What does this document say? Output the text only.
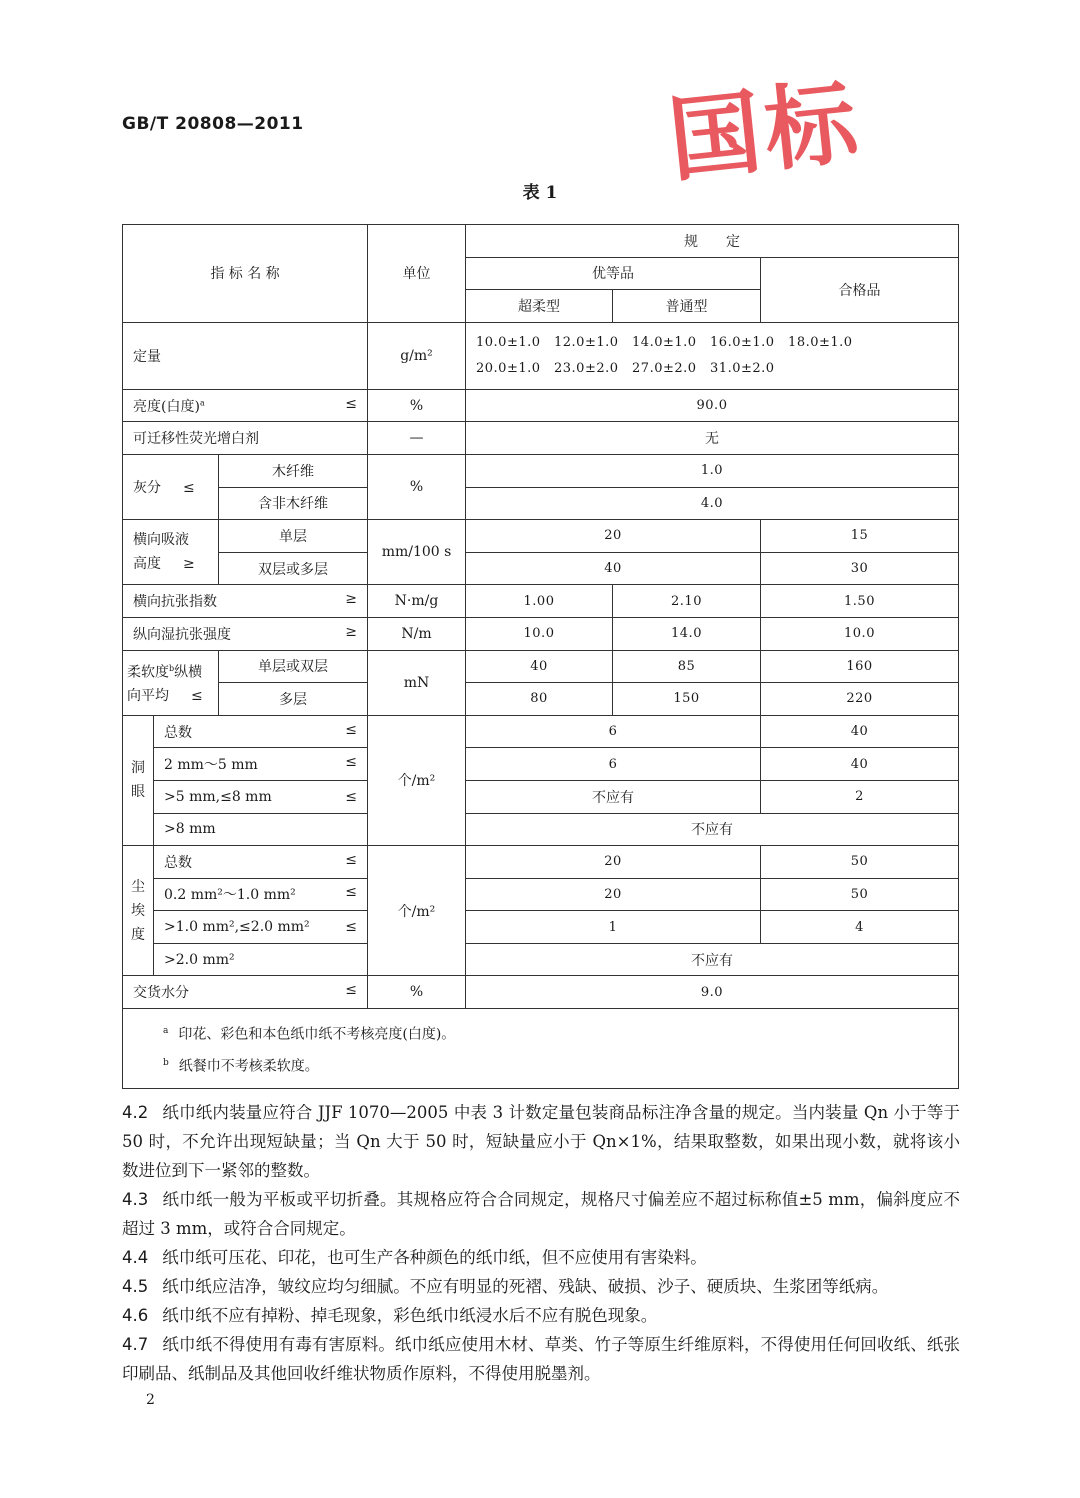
GB/T 20808—2011	国标
表 1
指 标 名 称			单位	规　　定		
				优等品		合格品
				超柔型	普通型	
定量			g/m²	10.0±1.0　12.0±1.0　14.0±1.0　16.0±1.0　18.0±1.0
20.0±1.0　23.0±2.0　27.0±2.0　31.0±2.0		

亮度(白度)$^a$ ≤			%	90.0		
可迁移性荧光增白剂			—	无		
灰分 ≤		木纤维	%	1.0		
		含非木纤维		4.0		

横向吸液
高度 ≥		单层	mm/100 s	20		15
		双层或多层		40		30
横向抗张指数 ≥			N·m/g	1.00	2.10	1.50
纵向湿抗张强度 ≥			N/m	10.0	14.0	10.0

柔软度$^b$纵横
向平均 ≤		单层或双层	mN	40	85	160
		多层		80	150	220
洞眼	总数 ≤		个/m²	6		40
	2 mm～5 mm ≤			6		40
	>5 mm,≤8 mm ≤			不应有		2
	>8 mm			不应有		
尘埃度	总数 ≤		个/m²	20		50
	0.2 mm²～1.0 mm² ≤			20		50
	>1.0 mm²,≤2.0 mm² ≤			1		4
	>2.0 mm²			不应有		
交货水分 ≤			%	9.0		

$^a$ 印花、彩色和本色纸巾纸不考核亮度(白度)。
$^b$ 纸餐巾不考核柔软度。						

4.2 纸巾纸内装量应符合 JJF 1070—2005 中表 3 计数定量包装商品标注净含量的规定。当内装量 Qn 小于等于 50 时，不允许出现短缺量；当 Qn 大于 50 时，短缺量应小于 Qn×1%，结果取整数，如果出现小数，就将该小数进位到下一紧邻的整数。

4.3 纸巾纸一般为平板或平切折叠。其规格应符合合同规定，规格尺寸偏差应不超过标称值±5 mm，偏斜度应不超过 3 mm，或符合合同规定。

4.4 纸巾纸可压花、印花，也可生产各种颜色的纸巾纸，但不应使用有害染料。

4.5 纸巾纸应洁净，皱纹应均匀细腻。不应有明显的死褶、残缺、破损、沙子、硬质块、生浆团等纸病。

4.6 纸巾纸不应有掉粉、掉毛现象，彩色纸巾纸浸水后不应有脱色现象。

4.7 纸巾纸不得使用有毒有害原料。纸巾纸应使用木材、草类、竹子等原生纤维原料，不得使用任何回收纸、纸张印刷品、纸制品及其他回收纤维状物质作原料，不得使用脱墨剂。

2
